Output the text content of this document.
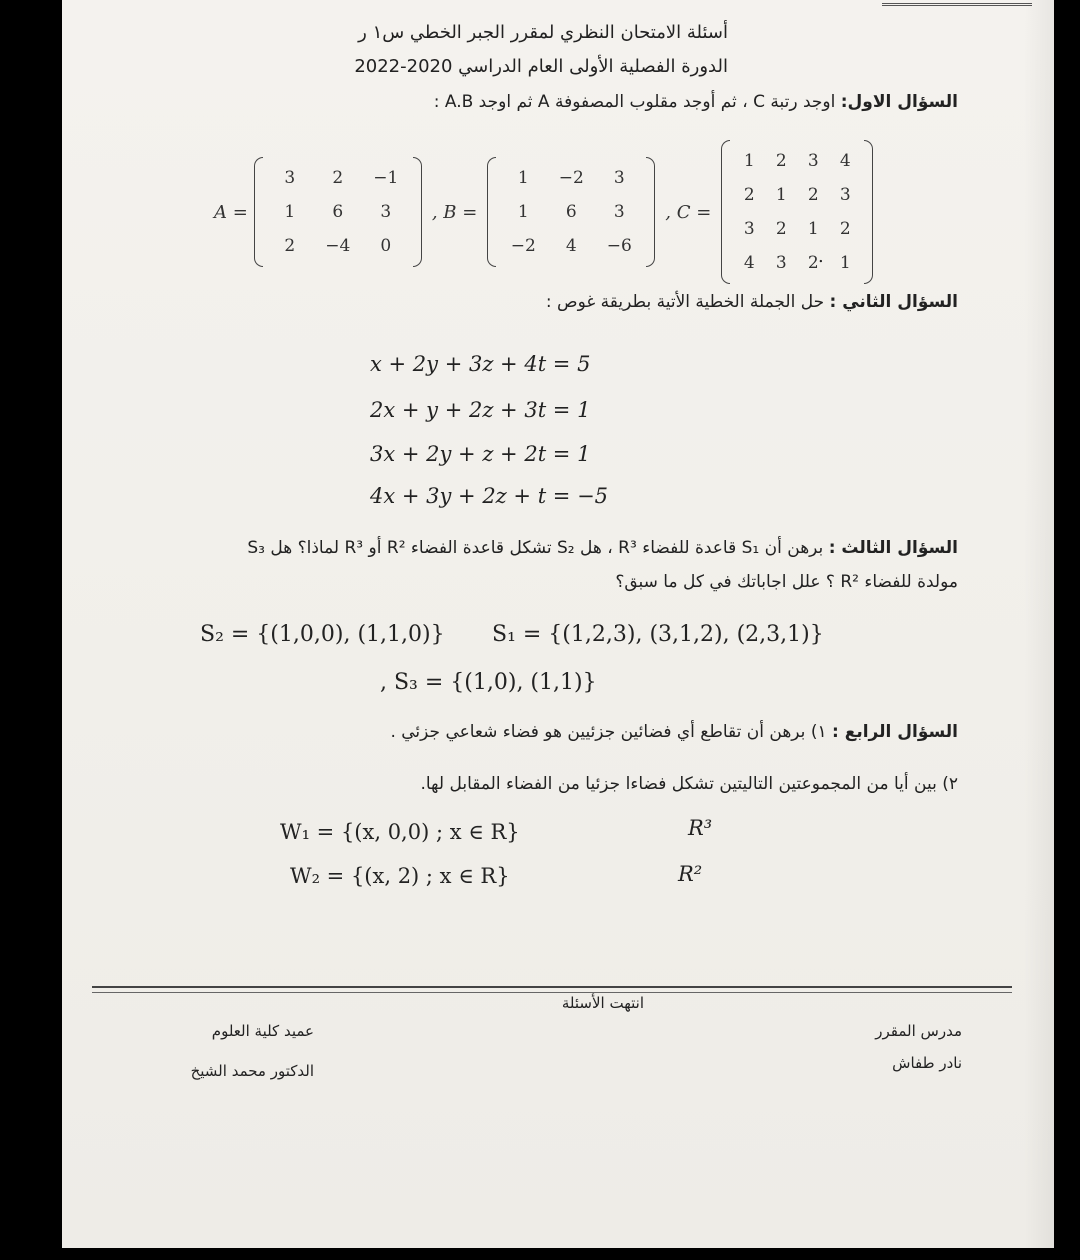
أسئلة الامتحان النظري لمقرر الجبر الخطي س١ ر
الدورة الفصلية الأولى العام الدراسي 2020-2022
السؤال الاول: اوجد رتبة C ، ثم أوجد مقلوب المصفوفة A ثم اوجد A.B :
A =
3	2	−1
1	6	3
2	−4	0
, B =
1	−2	3
1	6	3
−2	4	−6
, C =
1	2	3	4
2	1	2	3
3	2	1	2
4	3	2	1
.
السؤال الثاني : حل الجملة الخطية الأتية بطريقة غوص :
x + 2y + 3z + 4t = 5
2x + y + 2z + 3t = 1
3x + 2y + z + 2t = 1
4x + 3y + 2z + t = −5
السؤال الثالث : برهن أن S₁ قاعدة للفضاء R³ ، هل S₂ تشكل قاعدة الفضاء R² أو R³ لماذا؟ هل S₃
مولدة للفضاء R² ؟ علل اجاباتك في كل ما سبق؟
S₂ = {(1,0,0), (1,1,0)} S₁ = {(1,2,3), (3,1,2), (2,3,1)}
, S₃ = {(1,0), (1,1)}
السؤال الرابع : ١) برهن أن تقاطع أي فضائين جزئيين هو فضاء شعاعي جزئي .
٢) بين أيا من المجموعتين التاليتين تشكل فضاءا جزئيا من الفضاء المقابل لها.
W₁ = {(x, 0,0) ; x ∈ R}	R³
W₂ = {(x, 2) ; x ∈ R}	R²
انتهت الأسئلة
مدرس المقرر
نادر طفاش
عميد كلية العلوم
الدكتور محمد الشيخ
